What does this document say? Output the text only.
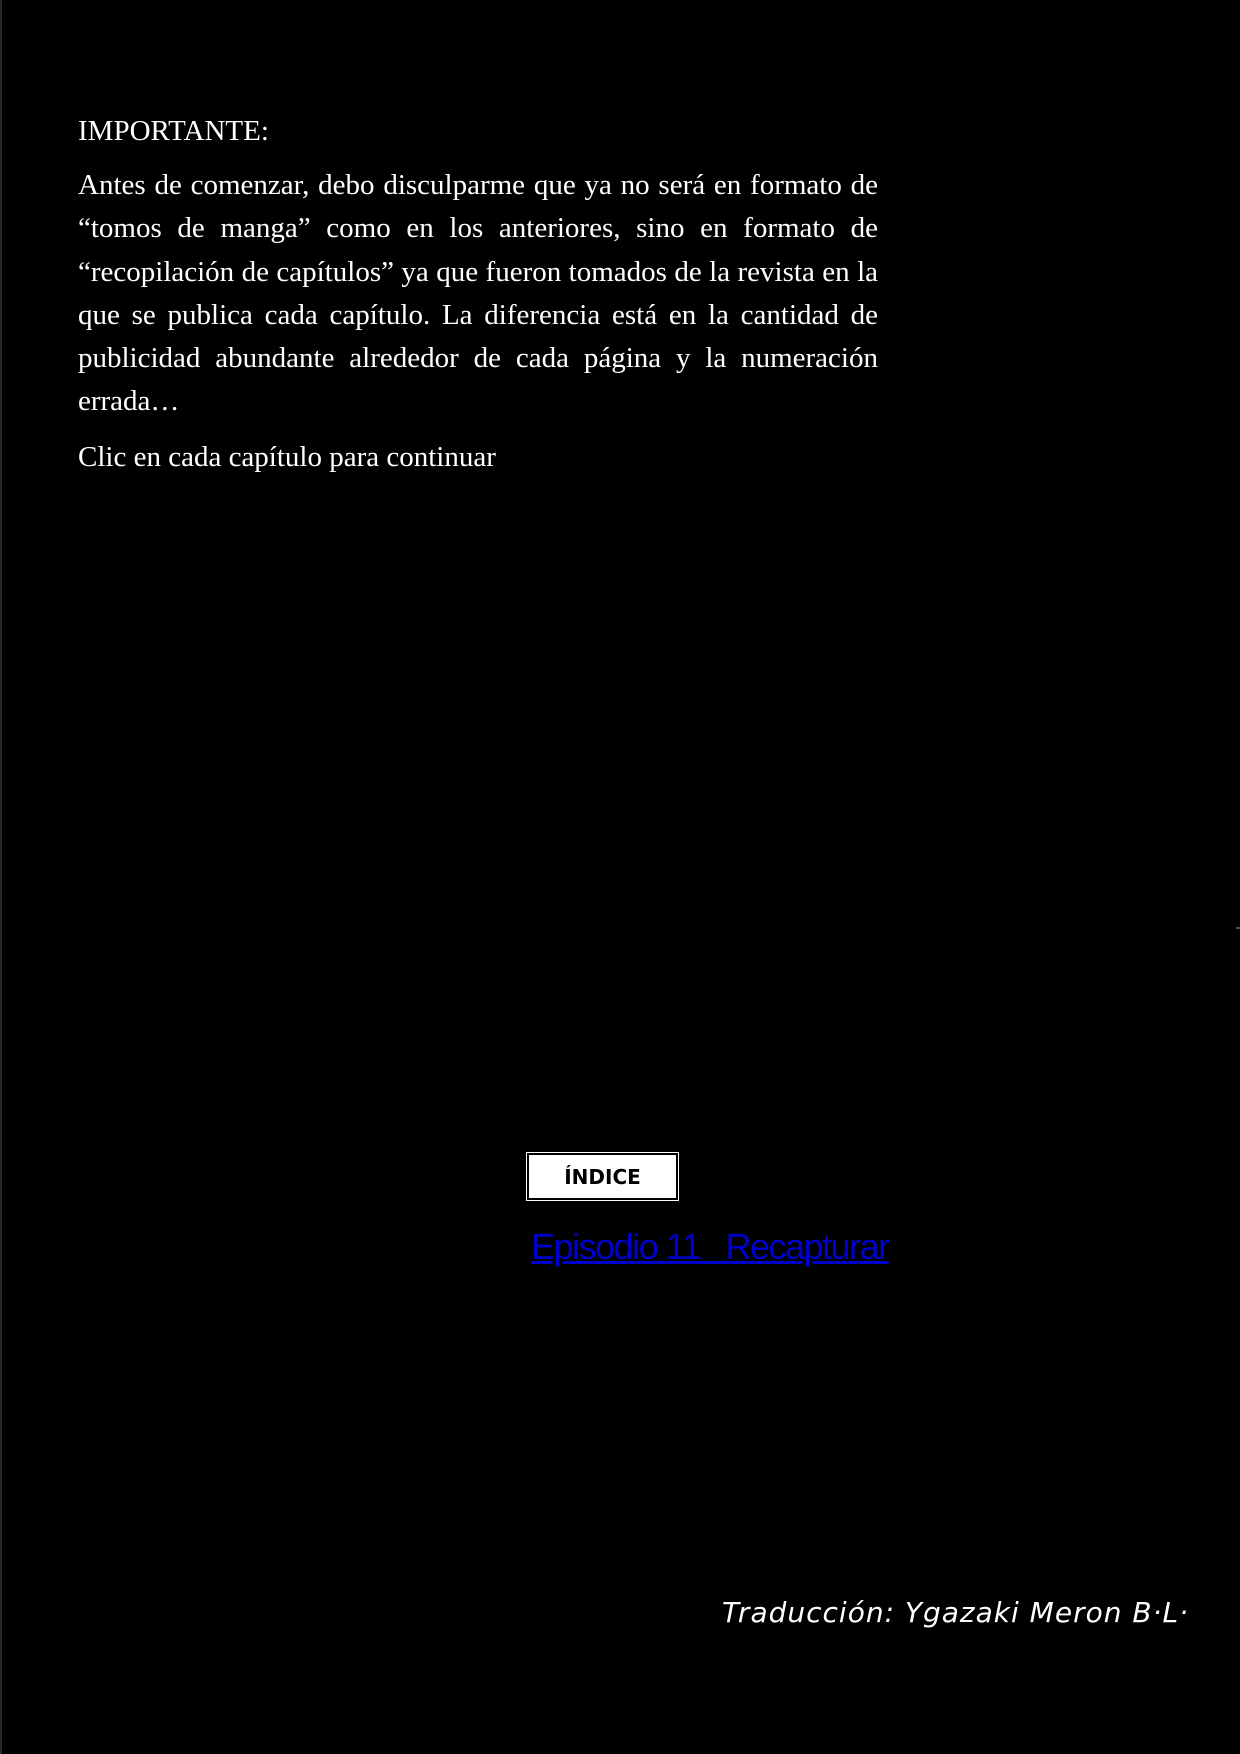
IMPORTANTE:

Antes de comenzar, debo disculparme que ya no será en formato de “tomos de manga” como en los anteriores, sino en formato de “recopilación de capítulos” ya que fueron tomados de la revista en la que se publica cada capítulo. La diferencia está en la cantidad de publicidad abundante alrededor de cada página y la numeración errada…

Clic en cada capítulo para continuar

ÍNDICE
Episodio 11   Recapturar
Traducción: Ygazaki Meron B·L·
